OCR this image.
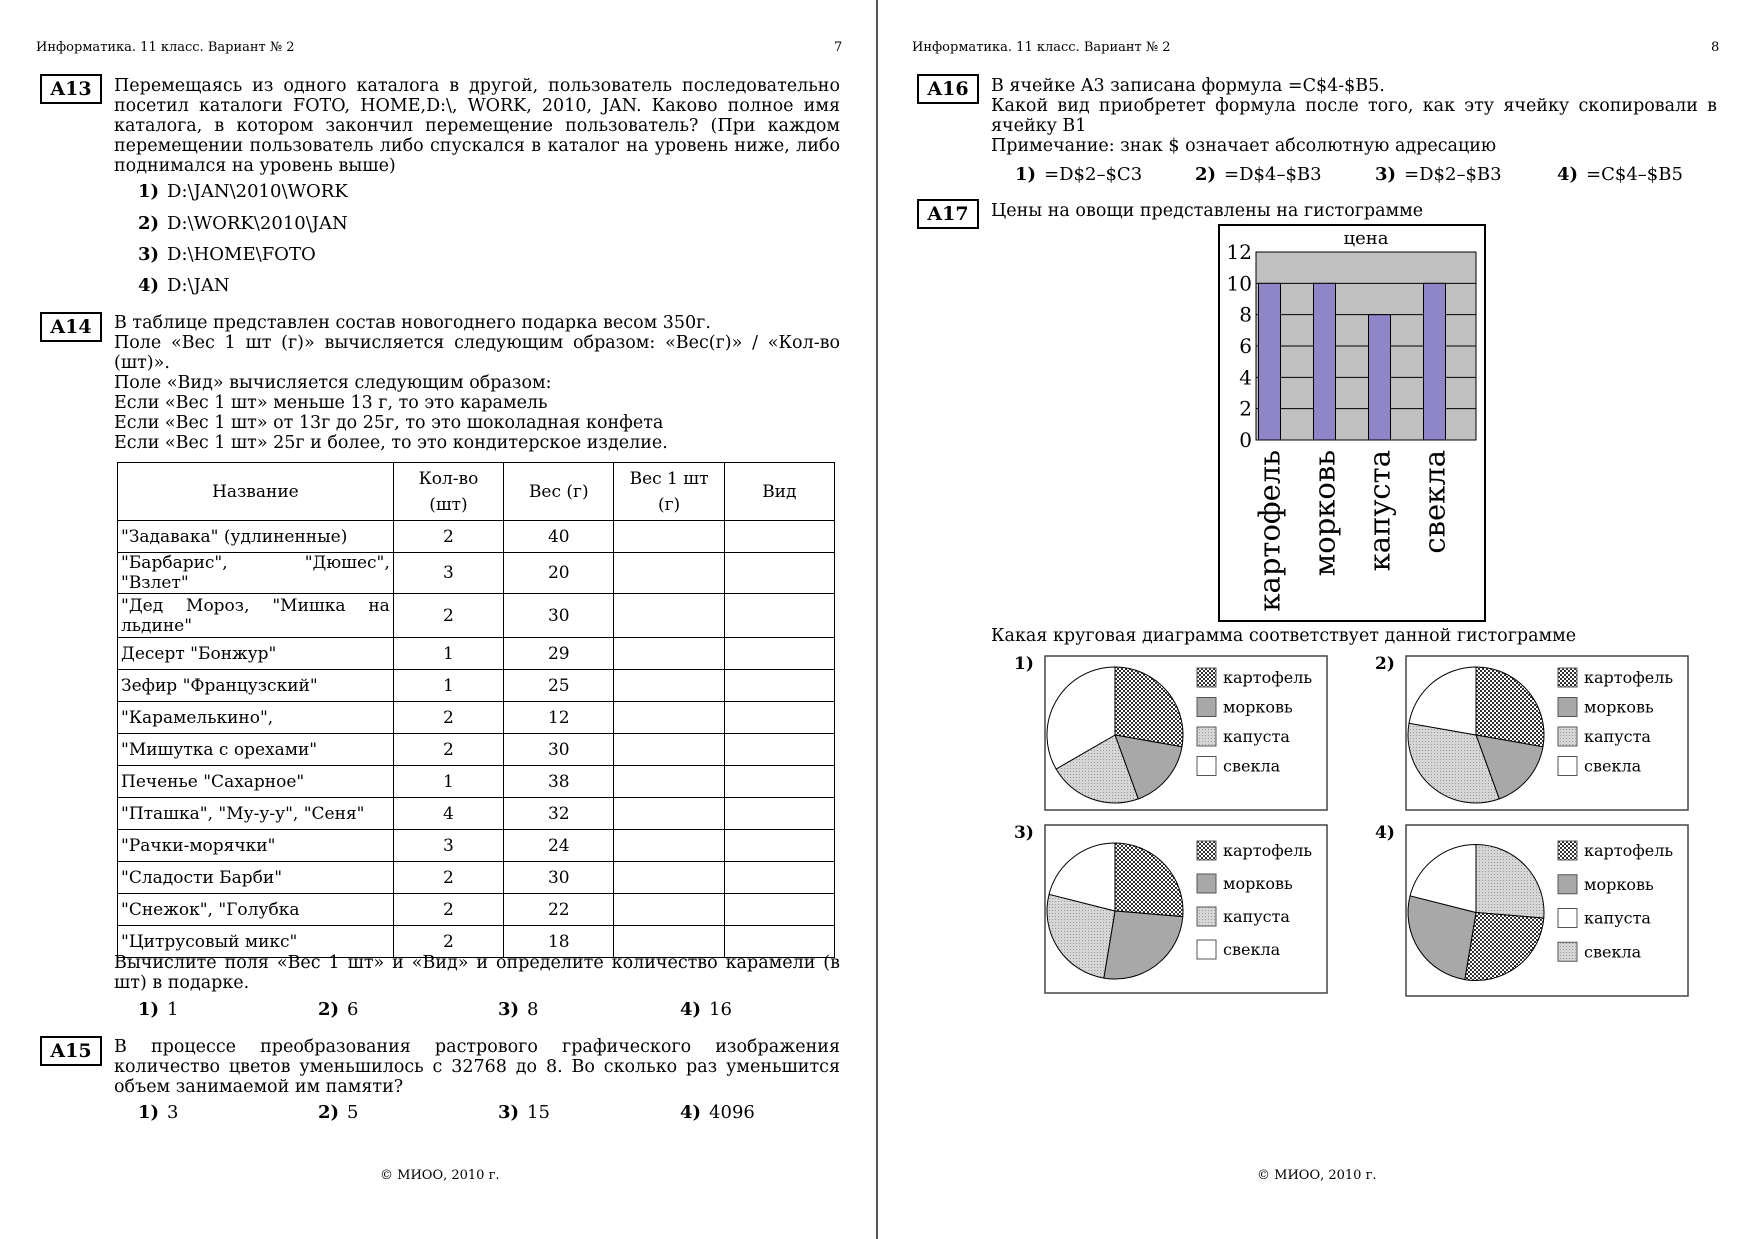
Информатика. 11 класс. Вариант № 2	7
A13	Перемещаясь из одного каталога в другой, пользователь последовательно посетил каталоги FOTO, HOME,D:\, WORK, 2010, JAN. Каково полное имя каталога, в котором закончил перемещение пользователь? (При каждом перемещении пользователь либо спускался в каталог на уровень ниже, либо поднимался на уровень выше)
1) D:\JAN\2010\WORK
2) D:\WORK\2010\JAN
3) D:\HOME\FOTO
4) D:\JAN
A14	В таблице представлен состав новогоднего подарка весом 350г.

Поле «Вес 1 шт (г)» вычисляется следующим образом: «Вес(г)» / «Кол-во (шт)».

Поле «Вид» вычисляется следующим образом:

Если «Вес 1 шт» меньше 13 г, то это карамель

Если «Вес 1 шт» от 13г до 25г, то это шоколадная конфета

Если «Вес 1 шт» 25г и более, то это кондитерское изделие.

Название	Кол-во (шт)	Вес (г)	Вес 1 шт (г)	Вид
"Задавака" (удлиненные)	2	40		
"Барбарис", "Дюшес", "Взлет"	3	20		
"Дед Мороз, "Мишка на льдине"	2	30		
Десерт "Бонжур"	1	29		
Зефир "Французский"	1	25		
"Карамелькино",	2	12		
"Мишутка с орехами"	2	30		
Печенье "Сахарное"	1	38		
"Пташка", "Му-у-у", "Сеня"	4	32		
"Рачки-морячки"	3	24		
"Сладости Барби"	2	30		
"Снежок", "Голубка	2	22		
"Цитрусовый микс"	2	18		
Вычислите поля «Вес 1 шт» и «Вид» и определите количество карамели (в шт) в подарке.
1) 1	2) 6	3) 8	4) 16
A15	В процессе преобразования растрового графического изображения количество цветов уменьшилось с 32768 до 8. Во сколько раз уменьшится объем занимаемой им памяти?
1) 3	2) 5	3) 15	4) 4096
© МИОО, 2010 г.
Информатика. 11 класс. Вариант № 2	8
A16	В ячейке A3 записана формула =C$4-$B5.

Какой вид приобретет формула после того, как эту ячейку скопировали в ячейку B1

Примечание: знак $ означает абсолютную адресацию

1) =D$2–$C3	2) =D$4–$B3	3) =D$2–$B3	4) =C$4–$B5
A17	Цены на овощи представлены на гистограмме
0
2
4
6
8
10
12
цена
картофель морковь капуста свекла
Какая круговая диаграмма соответствует данной гистограмме
1)	2)
3)	4)
картофель
морковь
капуста
свекла
картофель
морковь
капуста
свекла
картофель
морковь
капуста
свекла
картофель
морковь
капуста
свекла
© МИОО, 2010 г.
